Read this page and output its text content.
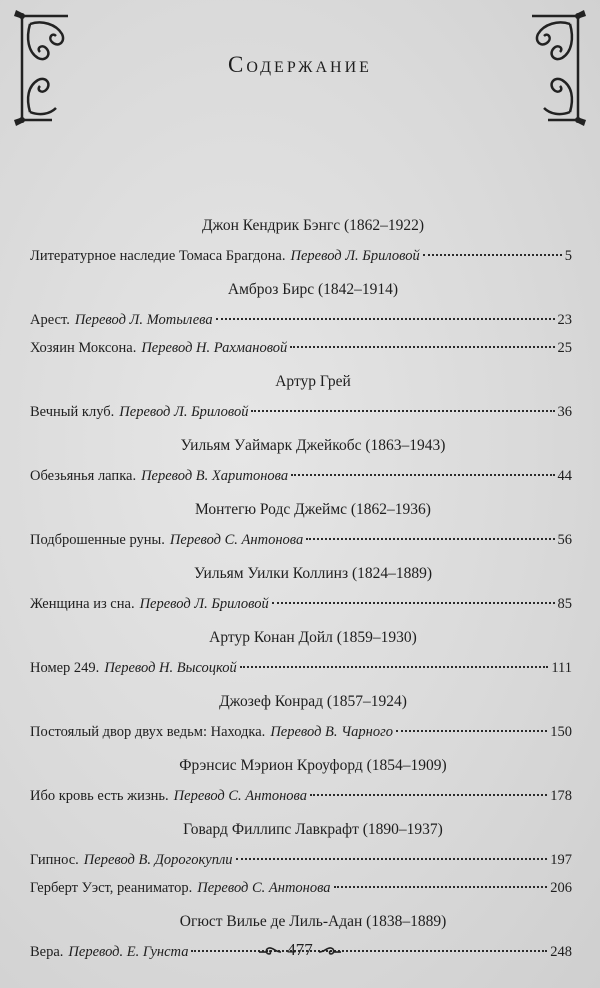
Содержание
Джон Кендрик Бэнгс (1862–1922)
Литературное наследие Томаса Брагдона. Перевод Л. Бриловой	5
Амброз Бирс (1842–1914)
Арест. Перевод Л. Мотылева	23
Хозяин Моксона. Перевод Н. Рахмановой	25
Артур Грей
Вечный клуб. Перевод Л. Бриловой	36
Уильям Уаймарк Джейкобс (1863–1943)
Обезьянья лапка. Перевод В. Харитонова	44
Монтегю Родс Джеймс (1862–1936)
Подброшенные руны. Перевод С. Антонова	56
Уильям Уилки Коллинз (1824–1889)
Женщина из сна. Перевод Л. Бриловой	85
Артур Конан Дойл (1859–1930)
Номер 249. Перевод Н. Высоцкой	111
Джозеф Конрад (1857–1924)
Постоялый двор двух ведьм: Находка. Перевод В. Чарного	150
Фрэнсис Мэрион Кроуфорд (1854–1909)
Ибо кровь есть жизнь. Перевод С. Антонова	178
Говард Филлипс Лавкрафт (1890–1937)
Гипнос. Перевод В. Дорогокупли	197
Герберт Уэст, реаниматор. Перевод С. Антонова	206
Огюст Вилье де Лиль-Адан (1838–1889)
Вера. Перевод. Е. Гунста	248
477
